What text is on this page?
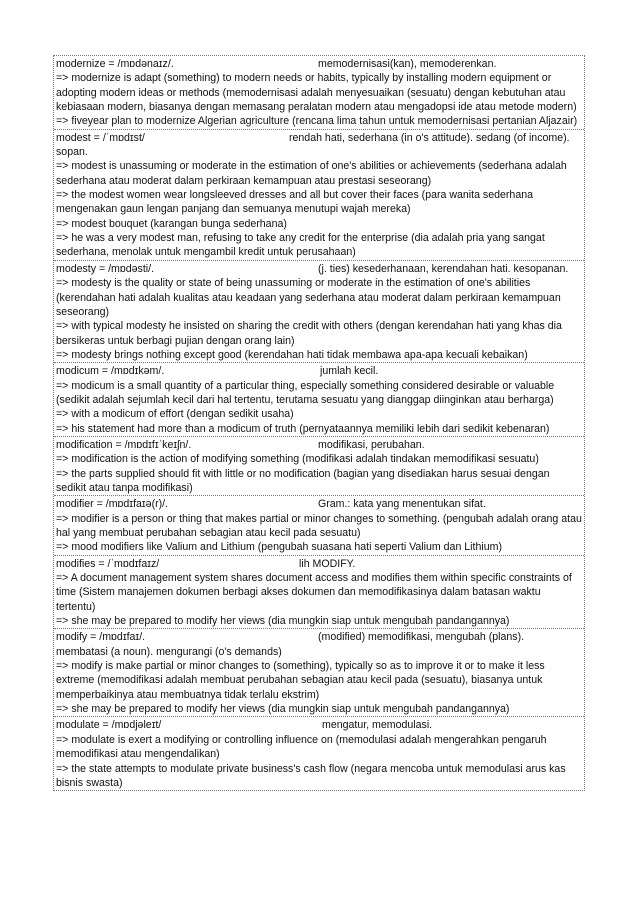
modernize = /mɒdənaɪz/.	memodernisasi(kan), memoderenkan.
=> modernize is adapt (something) to modern needs or habits, typically by installing modern equipment or adopting modern ideas or methods (memodernisasi adalah menyesuaikan (sesuatu) dengan kebutuhan atau kebiasaan modern, biasanya dengan memasang peralatan modern atau mengadopsi ide atau metode modern)
=> fiveyear plan to modernize Algerian agriculture (rencana lima tahun untuk memodernisasi pertanian Aljazair)
modest = /ˈmɒdɪst/	rendah hati, sederhana (in o's attitude). sedang (of income).
sopan.
=> modest is unassuming or moderate in the estimation of one's abilities or achievements (sederhana adalah sederhana atau moderat dalam perkiraan kemampuan atau prestasi seseorang)
=> the modest women wear longsleeved dresses and all but cover their faces (para wanita sederhana mengenakan gaun lengan panjang dan semuanya menutupi wajah mereka)
=> modest bouquet (karangan bunga sederhana)
=> he was a very modest man, refusing to take any credit for the enterprise (dia adalah pria yang sangat sederhana, menolak untuk mengambil kredit untuk perusahaan)
modesty = /mɒdəsti/.	(j. ties) kesederhanaan, kerendahan hati. kesopanan.
=> modesty is the quality or state of being unassuming or moderate in the estimation of one's abilities (kerendahan hati adalah kualitas atau keadaan yang sederhana atau moderat dalam perkiraan kemampuan seseorang)
=> with typical modesty he insisted on sharing the credit with others (dengan kerendahan hati yang khas dia bersikeras untuk berbagi pujian dengan orang lain)
=> modesty brings nothing except good (kerendahan hati tidak membawa apa-apa kecuali kebaikan)
modicum = /mɒdɪkəm/.	jumlah kecil.
=> modicum is a small quantity of a particular thing, especially something considered desirable or valuable (sedikit adalah sejumlah kecil dari hal tertentu, terutama sesuatu yang dianggap diinginkan atau berharga)
=> with a modicum of effort (dengan sedikit usaha)
=> his statement had more than a modicum of truth (pernyataannya memiliki lebih dari sedikit kebenaran)
modification = /mɒdɪfɪˈkeɪʃn/.	modifikasi, perubahan.
=> modification is the action of modifying something (modifikasi adalah tindakan memodifikasi sesuatu)
=> the parts supplied should fit with little or no modification (bagian yang disediakan harus sesuai dengan sedikit atau tanpa modifikasi)
modifier = /mɒdɪfaɪə(r)/.	Gram.: kata yang menentukan sifat.
=> modifier is a person or thing that makes partial or minor changes to something. (pengubah adalah orang atau hal yang membuat perubahan sebagian atau kecil pada sesuatu)
=> mood modifiers like Valium and Lithium (pengubah suasana hati seperti Valium dan Lithium)
modifies = /ˈmɒdɪfaɪz/	lih MODIFY.
=> A document management system shares document access and modifies them within specific constraints of time (Sistem manajemen dokumen berbagi akses dokumen dan memodifikasinya dalam batasan waktu tertentu)
=> she may be prepared to modify her views (dia mungkin siap untuk mengubah pandangannya)
modify = /mɒdɪfaɪ/.	(modified) memodifikasi, mengubah (plans).
membatasi (a noun). mengurangi (o's demands)
=> modify is make partial or minor changes to (something), typically so as to improve it or to make it less extreme (memodifikasi adalah membuat perubahan sebagian atau kecil pada (sesuatu), biasanya untuk memperbaikinya atau membuatnya tidak terlalu ekstrim)
=> she may be prepared to modify her views (dia mungkin siap untuk mengubah pandangannya)
modulate = /mɒdjəleɪt/	mengatur, memodulasi.
=> modulate is exert a modifying or controlling influence on (memodulasi adalah mengerahkan pengaruh memodifikasi atau mengendalikan)
=> the state attempts to modulate private business's cash flow (negara mencoba untuk memodulasi arus kas bisnis swasta)
